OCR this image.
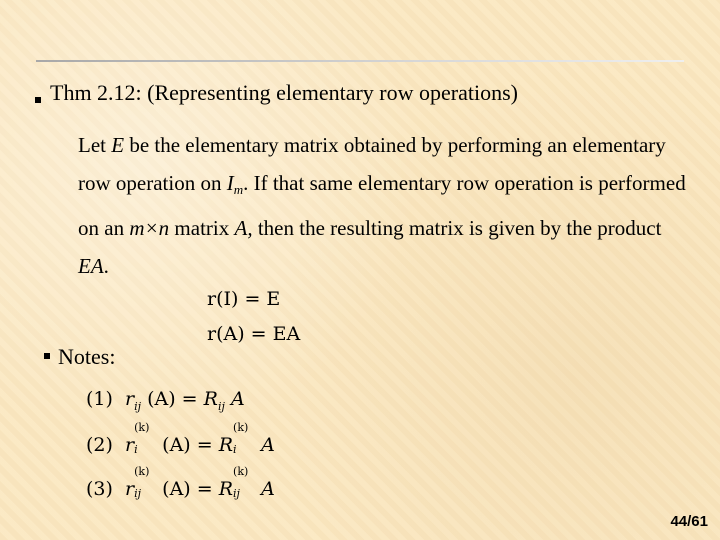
Thm 2.12: (Representing elementary row operations)
Let E be the elementary matrix obtained by performing an elementary row operation on $I_m$. If that same elementary row operation is performed on an m×n matrix A, then the resulting matrix is given by the product EA.
r(I) = E
r(A) = EA
Notes:
(1) $r_{ij}$ $(A) = R_{ij}$ A
(2) r
(k)
i (A) = R
(k)
i A
(3) r
(k)
ij (A) = R
(k)
ij A
44/61
